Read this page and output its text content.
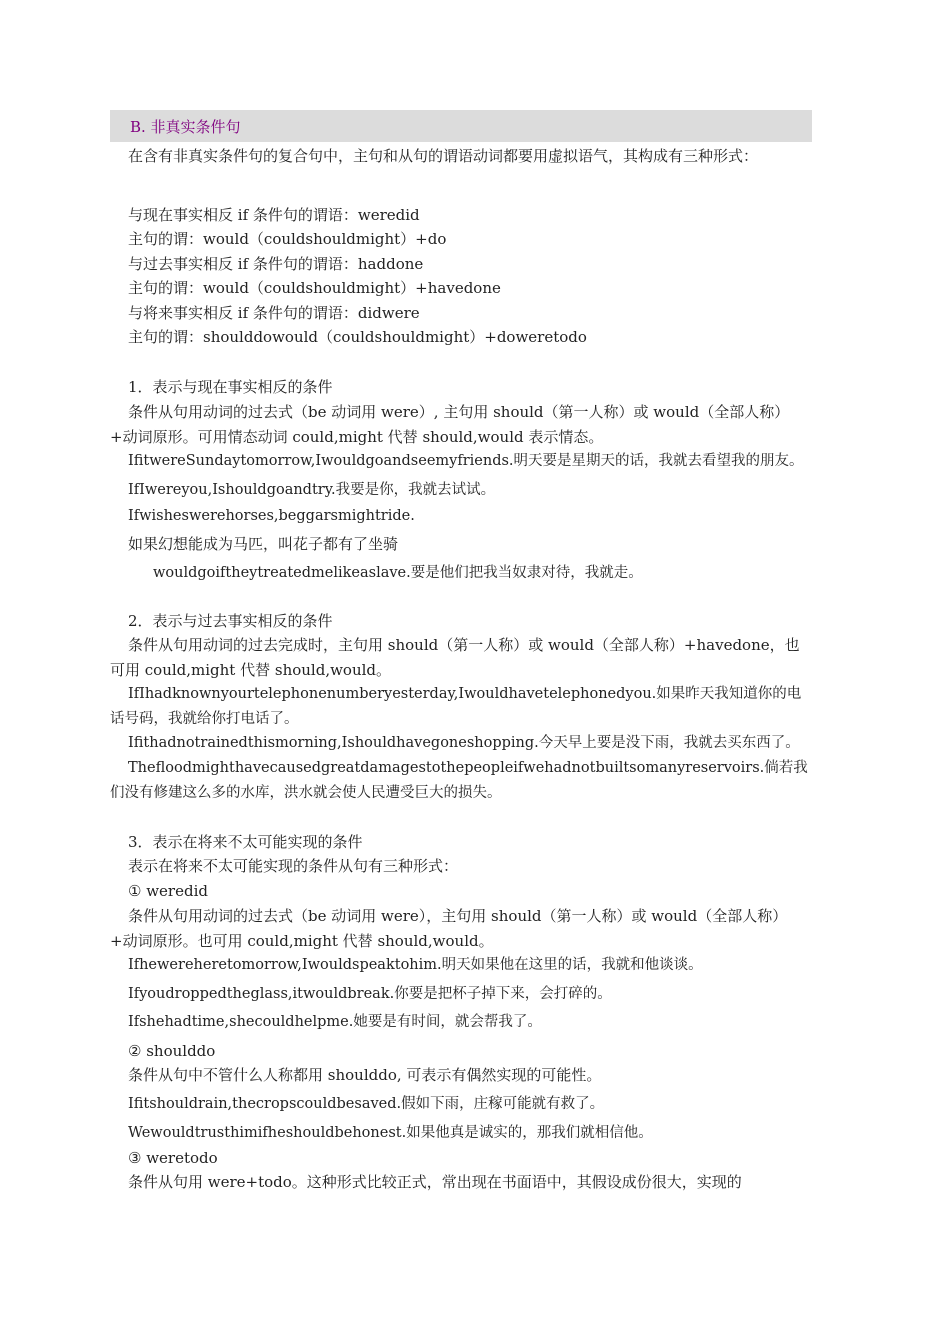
B. 非真实条件句
在含有非真实条件句的复合句中，主句和从句的谓语动词都要用虚拟语气，其构成有三种形式：
与现在事实相反 if 条件句的谓语：weredid
主句的谓：would（couldshouldmight）+do
与过去事实相反 if 条件句的谓语：haddone
主句的谓：would（couldshouldmight）+havedone
与将来事实相反 if 条件句的谓语：didwere
主句的谓：shoulddowould（couldshouldmight）+doweretodo
1．表示与现在事实相反的条件
条件从句用动词的过去式（be 动词用 were）, 主句用 should（第一人称）或 would（全部人称）+动词原形。可用情态动词 could,might 代替 should,would 表示情态。
IfitwereSundaytomorrow,Iwouldgoandseemyfriends.明天要是星期天的话，我就去看望我的朋友。
IfIwereyou,Ishouldgoandtry.我要是你，我就去试试。
Ifwisheswerehorses,beggarsmightride.
如果幻想能成为马匹，叫花子都有了坐骑
wouldgoiftheytreatedmelikeaslave.要是他们把我当奴隶对待，我就走。
2．表示与过去事实相反的条件
条件从句用动词的过去完成时，主句用 should（第一人称）或 would（全部人称）+havedone，也可用 could,might 代替 should,would。
IfIhadknownyourtelephonenumberyesterday,Iwouldhavetelephonedyou.如果昨天我知道你的电话号码，我就给你打电话了。
Ifithadnotrainedthismorning,Ishouldhavegoneshopping.今天早上要是没下雨，我就去买东西了。
Thefloodmighthavecausedgreatdamagestothepeopleifwehadnotbuiltsomanyreservoirs.倘若我们没有修建这么多的水库，洪水就会使人民遭受巨大的损失。
3．表示在将来不太可能实现的条件
表示在将来不太可能实现的条件从句有三种形式：
① weredid
条件从句用动词的过去式（be 动词用 were），主句用 should（第一人称）或 would（全部人称）+动词原形。也可用 could,might 代替 should,would。
Ifhewereheretomorrow,Iwouldspeaktohim.明天如果他在这里的话，我就和他谈谈。
Ifyoudroppedtheglass,itwouldbreak.你要是把杯子掉下来，会打碎的。
Ifshehadtime,shecouldhelpme.她要是有时间，就会帮我了。
② shoulddo
条件从句中不管什么人称都用 shoulddo, 可表示有偶然实现的可能性。
Ifitshouldrain,thecropscouldbesaved.假如下雨，庄稼可能就有救了。
Wewouldtrusthimifheshouldbehonest.如果他真是诚实的，那我们就相信他。
③ weretodo
条件从句用 were+todo。这种形式比较正式，常出现在书面语中，其假设成份很大，实现的
